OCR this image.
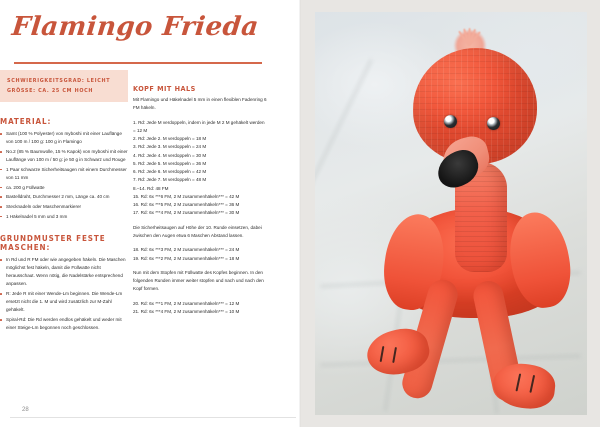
Flamingo Frieda
SCHWIERIGKEITSGRAD: LEICHT
GRÖSSE: CA. 25 CM HOCH
MATERIAL:
Samt (100 % Polyester) von myboshi mit einer Lauflänge von 100 m / 100 g: 100 g in Flamingo
No.2 (85 % Baumwolle, 15 % Kapok) von myboshi mit einer Lauflänge von 100 m / 50 g: je 50 g in Schwarz und Rouge
1 Paar schwarze Sicherheitsaugen mit einem Durchmesser von 11 mm
ca. 200 g Füllwatte
Bastelldraht, Durchmesser 2 mm, Länge ca. 40 cm
Stecknadeln oder Maschenmarkierer
1 Häkelnadel 5 mm und 3 mm
GRUNDMUSTER FESTE MASCHEN:
In Rd und R FM oder wie angegeben häkeln. Die Maschen möglichst fest häkeln, damit die Füllwatte nicht herausschaut. Wenn nötig, die Nadelstärke entsprechend anpassen.
R: Jede R mit einer Wende-Lm beginnen. Die Wende-Lm ersetzt nicht die 1. M und wird zusätzlich zur M-Zahl gehäkelt.
Spiral-Rd: Die Rd werden endlos gehäkelt und weder mit einer Steige-Lm begonnen noch geschlossen.
KOPF MIT HALS

Mit Flamingo und Häkelnadel 5 mm in einen flexiblen Fadenring 6 FM häkeln.

1. Rd: Jede M verdoppeln, indem in jede M 2 M gehäkelt werden = 12 M
2. Rd: Jede 2. M verdoppeln = 18 M
3. Rd: Jede 3. M verdoppeln = 24 M
4. Rd: Jede 4. M verdoppeln = 30 M
5. Rd: Jede 5. M verdoppeln = 36 M
6. Rd: Jede 6. M verdoppeln = 42 M
7. Rd: Jede 7. M verdoppeln = 48 M
8.–14. Rd: 48 FM
15. Rd: 6x ***6 FM, 2 M zusammenhäkeln*** = 42 M
16. Rd: 6x ***5 FM, 2 M zusammenhäkeln*** = 36 M
17. Rd: 6x ***4 FM, 2 M zusammenhäkeln*** = 30 M

Die Sicherheitsaugen auf Höhe der 10. Runde einsetzen, dabei zwischen den Augen etwa 6 Maschen Abstand lassen.

18. Rd: 6x ***3 FM, 2 M zusammenhäkeln*** = 24 M
19. Rd: 6x ***2 FM, 2 M zusammenhäkeln*** = 18 M

Nun mit dem Stopfen mit Füllwatte des Kopfes beginnen. In den folgenden Runden immer weiter stopfen und nach und nach den Kopf formen.

20. Rd: 6x ***1 FM, 2 M zusammenhäkeln*** = 12 M
21. Rd: 6x ***4 FM, 2 M zusammenhäkeln*** = 10 M
28
